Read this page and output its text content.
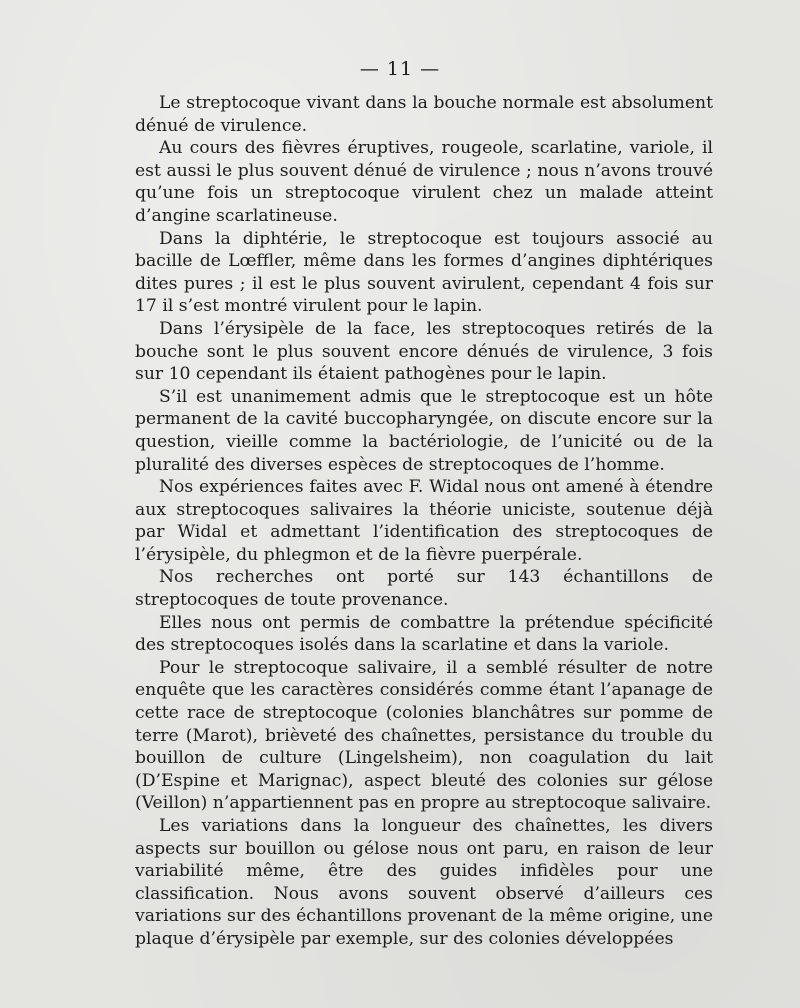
— 11 —

Le streptocoque vivant dans la bouche normale est absolument dénué de virulence.

Au cours des fièvres éruptives, rougeole, scarlatine, variole, il est aussi le plus souvent dénué de virulence ; nous n’avons trouvé qu’une fois un streptocoque virulent chez un malade atteint d’angine scarlatineuse.

Dans la diphtérie, le streptocoque est toujours associé au bacille de Lœffler, même dans les formes d’angines diphtériques dites pures ; il est le plus souvent avirulent, cependant 4 fois sur 17 il s’est montré virulent pour le lapin.

Dans l’érysipèle de la face, les streptocoques retirés de la bouche sont le plus souvent encore dénués de virulence, 3 fois sur 10 cependant ils étaient pathogènes pour le lapin.

S’il est unanimement admis que le streptocoque est un hôte permanent de la cavité buccopharyngée, on discute encore sur la question, vieille comme la bactériologie, de l’unicité ou de la pluralité des diverses espèces de streptocoques de l’homme.

Nos expériences faites avec F. Widal nous ont amené à étendre aux streptocoques salivaires la théorie uniciste, soutenue déjà par Widal et admettant l’identification des streptocoques de l’érysipèle, du phlegmon et de la fièvre puerpérale.

Nos recherches ont porté sur 143 échantillons de streptocoques de toute provenance.

Elles nous ont permis de combattre la prétendue spécificité des streptocoques isolés dans la scarlatine et dans la variole.

Pour le streptocoque salivaire, il a semblé résulter de notre enquête que les caractères considérés comme étant l’apanage de cette race de streptocoque (colonies blanchâtres sur pomme de terre (Marot), brièveté des chaînettes, persistance du trouble du bouillon de culture (Lingelsheim), non coagulation du lait (D’Espine et Marignac), aspect bleuté des colonies sur gélose (Veillon) n’appartiennent pas en propre au streptocoque salivaire.

Les variations dans la longueur des chaînettes, les divers aspects sur bouillon ou gélose nous ont paru, en raison de leur variabilité même, être des guides infidèles pour une classification. Nous avons souvent observé d’ailleurs ces variations sur des échantillons provenant de la même origine, une plaque d’érysipèle par exemple, sur des colonies développées
